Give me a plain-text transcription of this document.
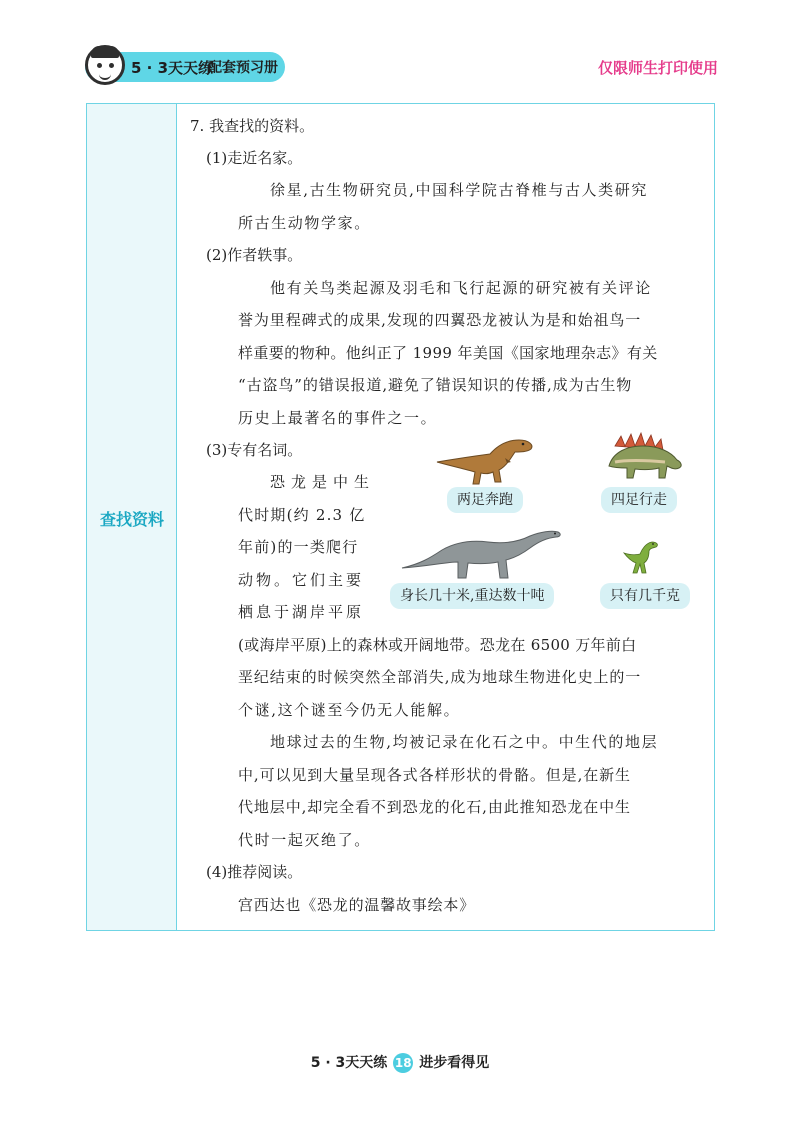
5 · 3天天练
配套预习册	仅限师生打印使用
查找资料
7. 我查找的资料。
(1)走近名家。
徐星,古生物研究员,中国科学院古脊椎与古人类研究
所古生动物学家。
(2)作者轶事。
他有关鸟类起源及羽毛和飞行起源的研究被有关评论
誉为里程碑式的成果,发现的四翼恐龙被认为是和始祖鸟一
样重要的物种。他纠正了 1999 年美国《国家地理杂志》有关
“古盗鸟”的错误报道,避免了错误知识的传播,成为古生物
历史上最著名的事件之一。
(3)专有名词。
恐龙是中生
代时期(约 2.3 亿
年前)的一类爬行
动物。它们主要
栖息于湖岸平原
(或海岸平原)上的森林或开阔地带。恐龙在 6500 万年前白
垩纪结束的时候突然全部消失,成为地球生物进化史上的一
个谜,这个谜至今仍无人能解。
地球过去的生物,均被记录在化石之中。中生代的地层
中,可以见到大量呈现各式各样形状的骨骼。但是,在新生
代地层中,却完全看不到恐龙的化石,由此推知恐龙在中生
代时一起灭绝了。
(4)推荐阅读。
宫西达也《恐龙的温馨故事绘本》
两足奔跑	四足行走
身长几十米,重达数十吨	只有几千克
5 · 3天天练 18 进步看得见
